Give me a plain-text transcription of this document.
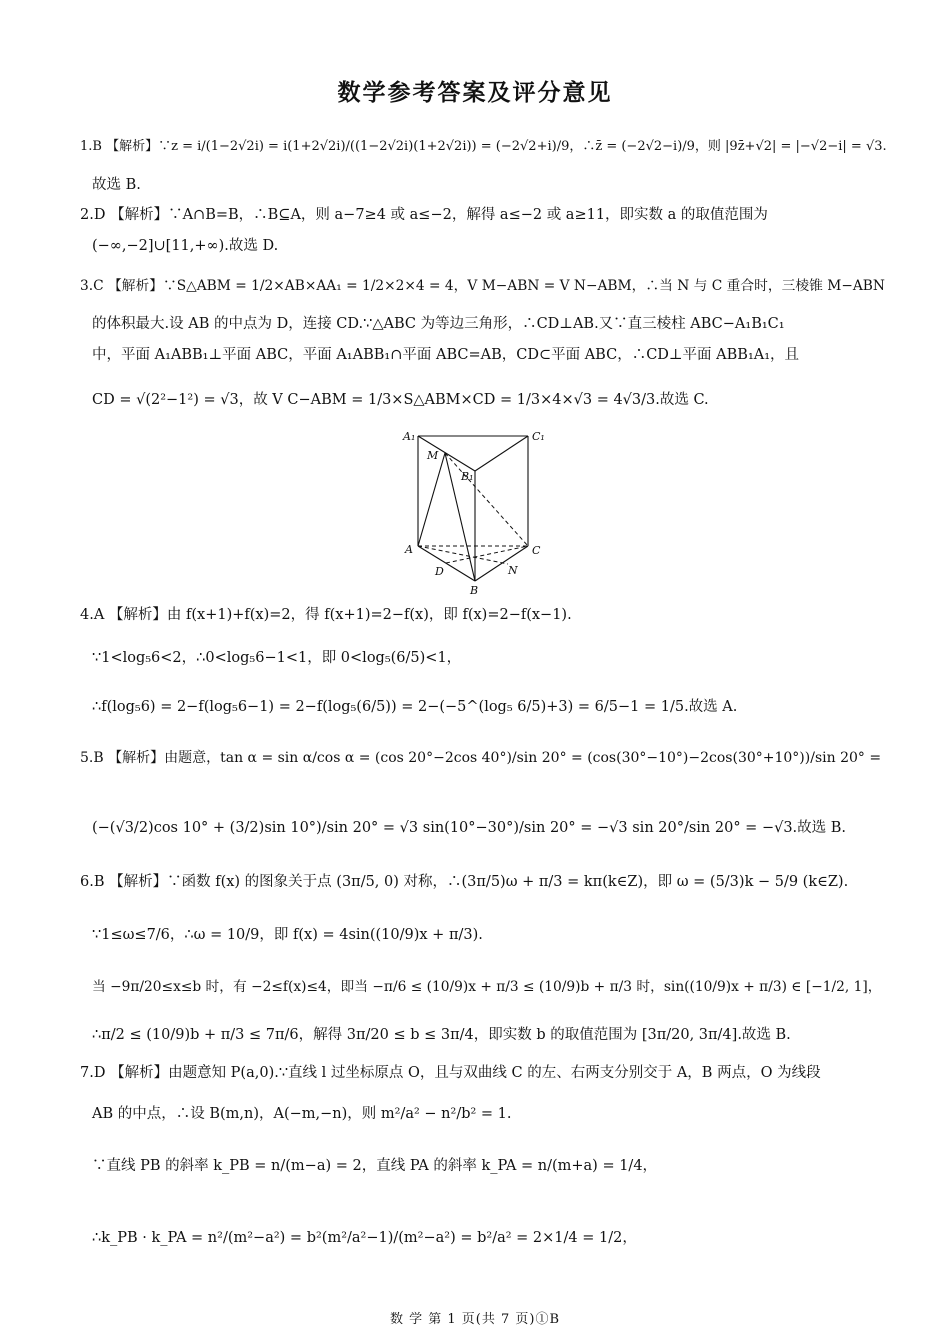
数学参考答案及评分意见
1.B 【解析】∵z = i/(1−2√2i) = i(1+2√2i)/((1−2√2i)(1+2√2i)) = (−2√2+i)/9，∴z̄ = (−2√2−i)/9，则 |9z̄+√2| = |−√2−i| = √3.
故选 B.
2.D 【解析】∵A∩B=B，∴B⊆A，则 a−7≥4 或 a≤−2，解得 a≤−2 或 a≥11，即实数 a 的取值范围为
(−∞,−2]∪[11,+∞).故选 D.
3.C 【解析】∵S△ABM = 1/2×AB×AA₁ = 1/2×2×4 = 4，V M−ABN = V N−ABM，∴当 N 与 C 重合时，三棱锥 M−ABN
的体积最大.设 AB 的中点为 D，连接 CD.∵△ABC 为等边三角形，∴CD⊥AB.又∵直三棱柱 ABC−A₁B₁C₁
中，平面 A₁ABB₁⊥平面 ABC，平面 A₁ABB₁∩平面 ABC=AB，CD⊂平面 ABC，∴CD⊥平面 ABB₁A₁，且
CD = √(2²−1²) = √3，故 V C−ABM = 1/3×S△ABM×CD = 1/3×4×√3 = 4√3/3.故选 C.
A₁	C₁
M
B₁
A	C
D	N
B
4.A 【解析】由 f(x+1)+f(x)=2，得 f(x+1)=2−f(x)，即 f(x)=2−f(x−1).
∵1<log₅6<2，∴0<log₅6−1<1，即 0<log₅(6/5)<1，
∴f(log₅6) = 2−f(log₅6−1) = 2−f(log₅(6/5)) = 2−(−5^(log₅ 6/5)+3) = 6/5−1 = 1/5.故选 A.
5.B 【解析】由题意，tan α = sin α/cos α = (cos 20°−2cos 40°)/sin 20° = (cos(30°−10°)−2cos(30°+10°))/sin 20° =
(−(√3/2)cos 10° + (3/2)sin 10°)/sin 20° = √3 sin(10°−30°)/sin 20° = −√3 sin 20°/sin 20° = −√3.故选 B.
6.B 【解析】∵函数 f(x) 的图象关于点 (3π/5, 0) 对称，∴(3π/5)ω + π/3 = kπ(k∈Z)，即 ω = (5/3)k − 5/9 (k∈Z).
∵1≤ω≤7/6，∴ω = 10/9，即 f(x) = 4sin((10/9)x + π/3).
当 −9π/20≤x≤b 时，有 −2≤f(x)≤4，即当 −π/6 ≤ (10/9)x + π/3 ≤ (10/9)b + π/3 时，sin((10/9)x + π/3) ∈ [−1/2, 1]，
∴π/2 ≤ (10/9)b + π/3 ≤ 7π/6，解得 3π/20 ≤ b ≤ 3π/4，即实数 b 的取值范围为 [3π/20, 3π/4].故选 B.
7.D 【解析】由题意知 P(a,0).∵直线 l 过坐标原点 O，且与双曲线 C 的左、右两支分别交于 A，B 两点，O 为线段
AB 的中点，∴设 B(m,n)，A(−m,−n)，则 m²/a² − n²/b² = 1.
∵直线 PB 的斜率 k_PB = n/(m−a) = 2，直线 PA 的斜率 k_PA = n/(m+a) = 1/4，
∴k_PB · k_PA = n²/(m²−a²) = b²(m²/a²−1)/(m²−a²) = b²/a² = 2×1/4 = 1/2，
数 学 第 1 页(共 7 页)①B
